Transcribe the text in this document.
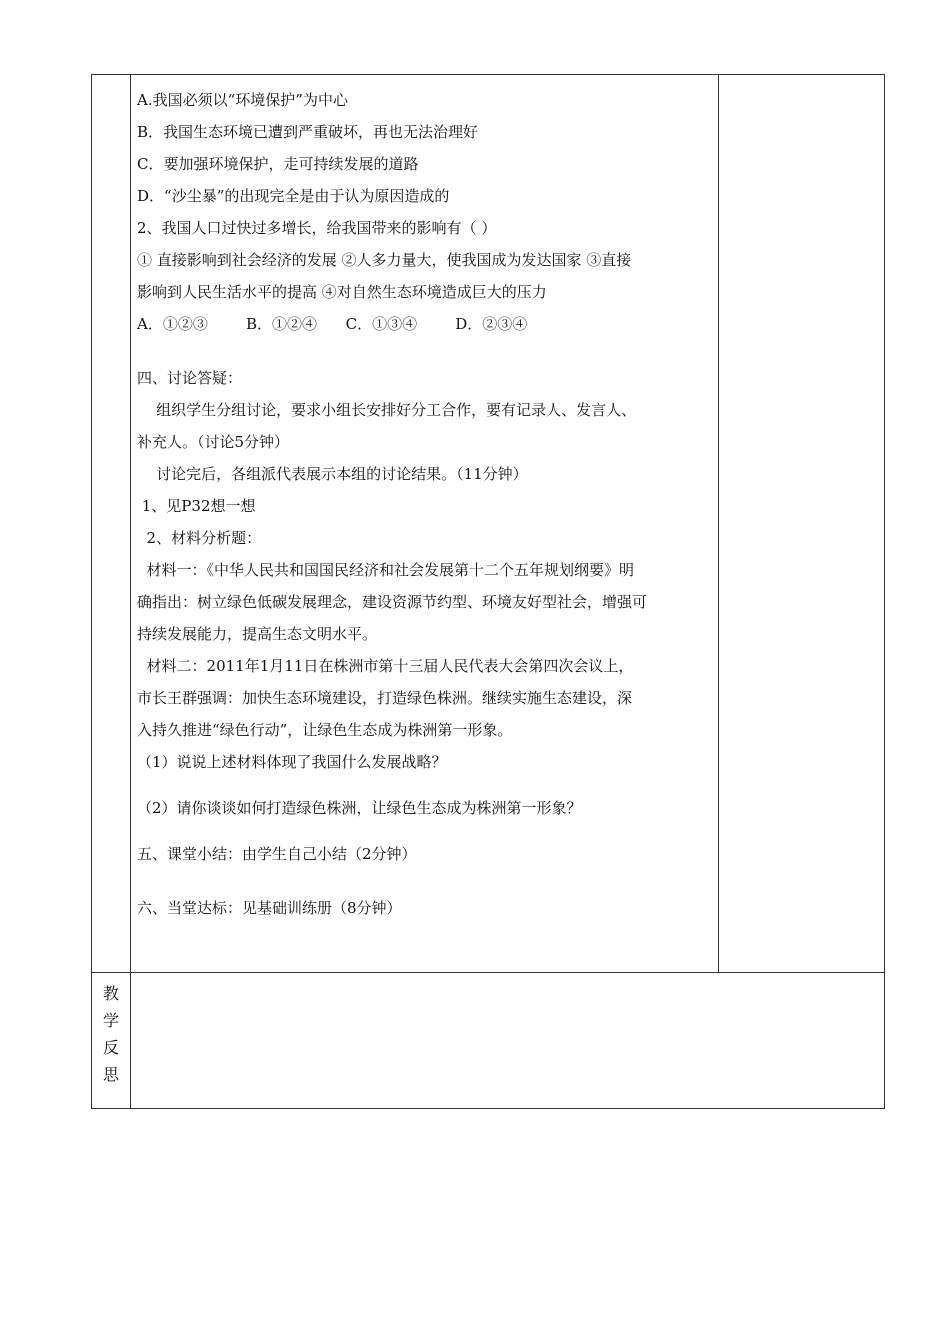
A.我国必须以“环境保护”为中心

B．我国生态环境已遭到严重破坏，再也无法治理好

C．要加强环境保护，走可持续发展的道路

D．“沙尘暴”的出现完全是由于认为原因造成的

2、我国人口过快过多增长，给我国带来的影响有（ ）

① 直接影响到社会经济的发展 ②人多力量大，使我国成为发达国家 ③直接

影响到人民生活水平的提高 ④对自然生态环境造成巨大的压力

A．①②③        B．①②④      C．①③④        D．②③④

四、讨论答疑：

组织学生分组讨论，要求小组长安排好分工合作，要有记录人、发言人、

补充人。（讨论5分钟）

讨论完后，各组派代表展示本组的讨论结果。（11分钟）

1、见P32想一想

2、材料分析题：

材料一：《中华人民共和国国民经济和社会发展第十二个五年规划纲要》明

确指出：树立绿色低碳发展理念，建设资源节约型、环境友好型社会，增强可

持续发展能力，提高生态文明水平。

材料二：2011年1月11日在株洲市第十三届人民代表大会第四次会议上，

市长王群强调：加快生态环境建设，打造绿色株洲。继续实施生态建设，深

入持久推进“绿色行动”，让绿色生态成为株洲第一形象。

（1）说说上述材料体现了我国什么发展战略？

（2）请你谈谈如何打造绿色株洲，让绿色生态成为株洲第一形象？

五、课堂小结：由学生自己小结（2分钟）

六、当堂达标：见基础训练册（8分钟）

教
学
反
思
